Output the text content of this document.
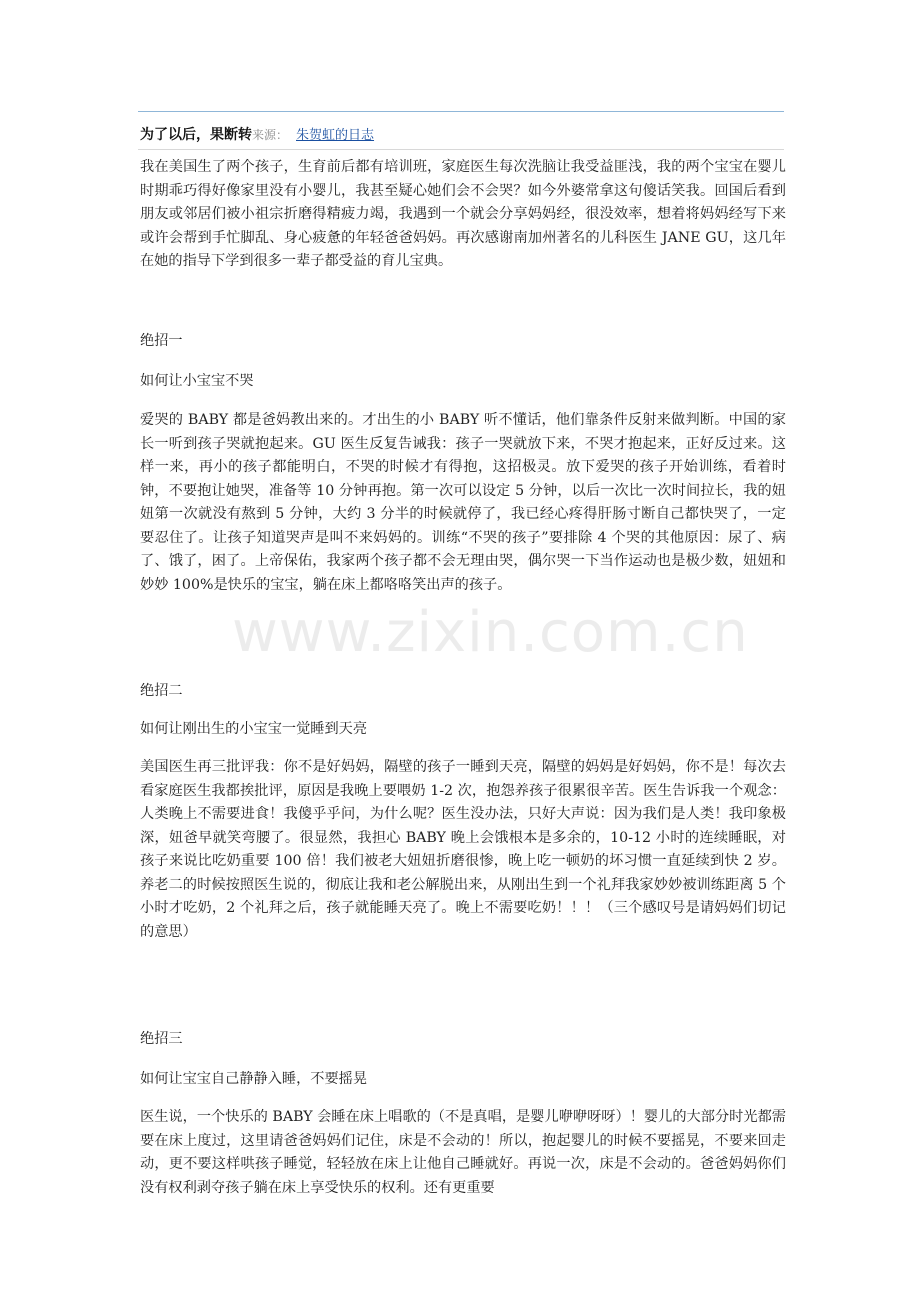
为了以后，果断转来源： 朱贺虹的日志

我在美国生了两个孩子，生育前后都有培训班，家庭医生每次洗脑让我受益匪浅，我的两个宝宝在婴儿时期乖巧得好像家里没有小婴儿，我甚至疑心她们会不会哭？如今外婆常拿这句傻话笑我。回国后看到朋友或邻居们被小祖宗折磨得精疲力竭，我遇到一个就会分享妈妈经，很没效率，想着将妈妈经写下来或许会帮到手忙脚乱、身心疲惫的年轻爸爸妈妈。再次感谢南加州著名的儿科医生 JANE GU，这几年在她的指导下学到很多一辈子都受益的育儿宝典。

绝招一

如何让小宝宝不哭

爱哭的 BABY 都是爸妈教出来的。才出生的小 BABY 听不懂话，他们靠条件反射来做判断。中国的家长一听到孩子哭就抱起来。GU 医生反复告诫我：孩子一哭就放下来，不哭才抱起来，正好反过来。这样一来，再小的孩子都能明白，不哭的时候才有得抱，这招极灵。放下爱哭的孩子开始训练，看着时钟，不要抱让她哭，准备等 10 分钟再抱。第一次可以设定 5 分钟，以后一次比一次时间拉长，我的妞妞第一次就没有熬到 5 分钟，大约 3 分半的时候就停了，我已经心疼得肝肠寸断自己都快哭了，一定要忍住了。让孩子知道哭声是叫不来妈妈的。训练“不哭的孩子”要排除 4 个哭的其他原因：尿了、病了、饿了，困了。上帝保佑，我家两个孩子都不会无理由哭，偶尔哭一下当作运动也是极少数，妞妞和妙妙 100%是快乐的宝宝，躺在床上都咯咯笑出声的孩子。

绝招二

如何让刚出生的小宝宝一觉睡到天亮

美国医生再三批评我：你不是好妈妈，隔壁的孩子一睡到天亮，隔壁的妈妈是好妈妈，你不是！每次去看家庭医生我都挨批评，原因是我晚上要喂奶 1-2 次，抱怨养孩子很累很辛苦。医生告诉我一个观念：人类晚上不需要进食！我傻乎乎问，为什么呢？医生没办法，只好大声说：因为我们是人类！我印象极深，妞爸早就笑弯腰了。很显然，我担心 BABY 晚上会饿根本是多余的，10-12 小时的连续睡眠，对孩子来说比吃奶重要 100 倍！我们被老大妞妞折磨很惨，晚上吃一顿奶的坏习惯一直延续到快 2 岁。养老二的时候按照医生说的，彻底让我和老公解脱出来，从刚出生到一个礼拜我家妙妙被训练距离 5 个小时才吃奶，2 个礼拜之后，孩子就能睡天亮了。晚上不需要吃奶！！！（三个感叹号是请妈妈们切记的意思）

绝招三

如何让宝宝自己静静入睡，不要摇晃

医生说，一个快乐的 BABY 会睡在床上唱歌的（不是真唱，是婴儿咿咿呀呀）！婴儿的大部分时光都需要在床上度过，这里请爸爸妈妈们记住，床是不会动的！所以，抱起婴儿的时候不要摇晃，不要来回走动，更不要这样哄孩子睡觉，轻轻放在床上让他自己睡就好。再说一次，床是不会动的。爸爸妈妈你们没有权利剥夺孩子躺在床上享受快乐的权利。还有更重要

www.zixin.com.cn
